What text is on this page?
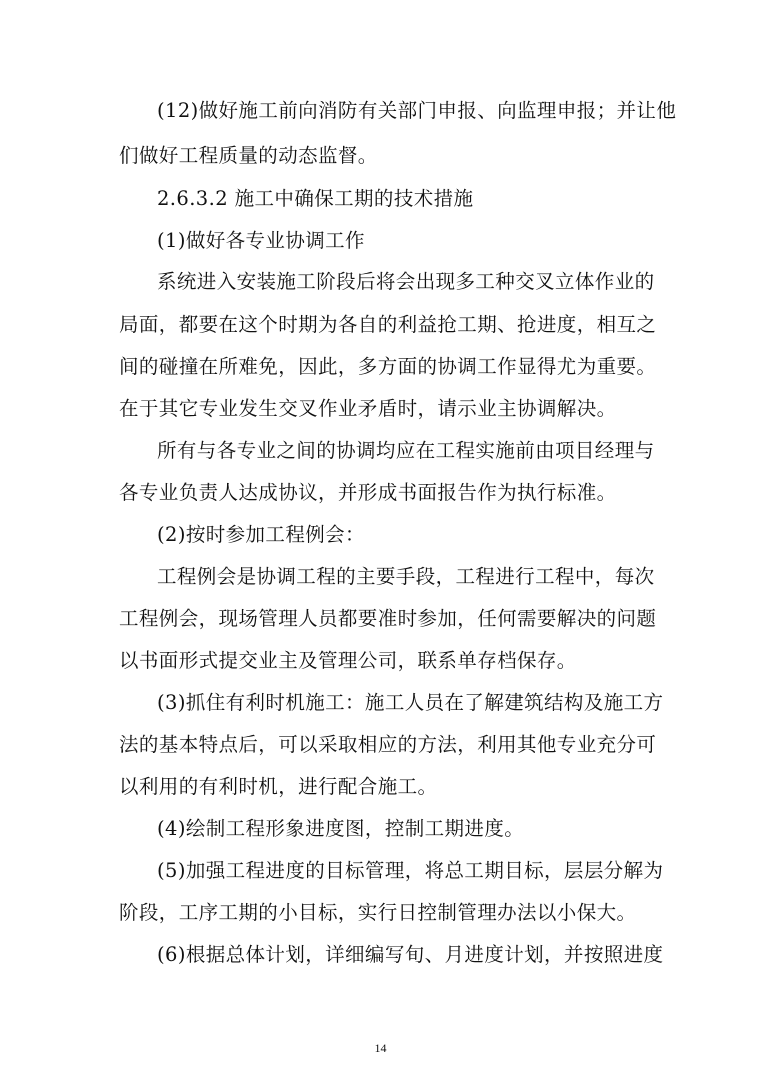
(12)做好施工前向消防有关部门申报、向监理申报；并让他
们做好工程质量的动态监督。
2.6.3.2 施工中确保工期的技术措施
(1)做好各专业协调工作
系统进入安装施工阶段后将会出现多工种交叉立体作业的
局面，都要在这个时期为各自的利益抢工期、抢进度，相互之
间的碰撞在所难免，因此，多方面的协调工作显得尤为重要。
在于其它专业发生交叉作业矛盾时，请示业主协调解决。
所有与各专业之间的协调均应在工程实施前由项目经理与
各专业负责人达成协议，并形成书面报告作为执行标准。
(2)按时参加工程例会：
工程例会是协调工程的主要手段，工程进行工程中，每次
工程例会，现场管理人员都要准时参加，任何需要解决的问题
以书面形式提交业主及管理公司，联系单存档保存。
(3)抓住有利时机施工：施工人员在了解建筑结构及施工方
法的基本特点后，可以采取相应的方法，利用其他专业充分可
以利用的有利时机，进行配合施工。
(4)绘制工程形象进度图，控制工期进度。
(5)加强工程进度的目标管理，将总工期目标，层层分解为
阶段，工序工期的小目标，实行日控制管理办法以小保大。
(6)根据总体计划，详细编写旬、月进度计划，并按照进度
14
